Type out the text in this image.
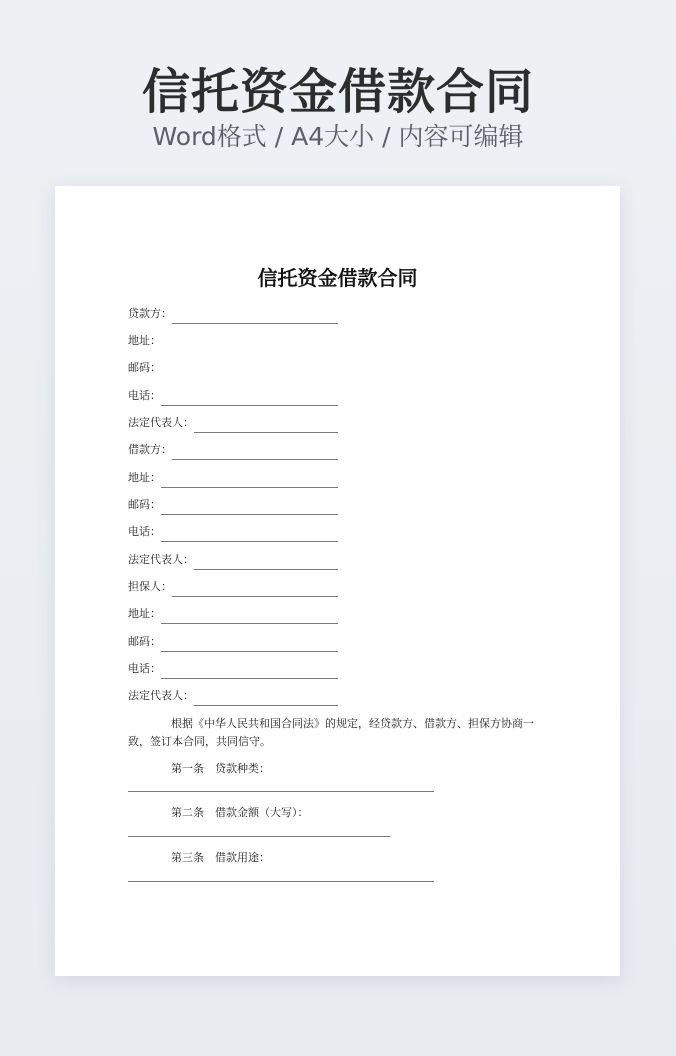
信托资金借款合同
Word格式 / A4大小 / 内容可编辑
信托资金借款合同
贷款方：
地址：
邮码：
电话：
法定代表人：
借款方：
地址：
邮码：
电话：
法定代表人：
担保人：
地址：
邮码：
电话：
法定代表人：
根据《中华人民共和国合同法》的规定，经贷款方、借款方、担保方协商一致，签订本合同，共同信守。
第一条　贷款种类：
第二条　借款金额（大写）：
第三条　借款用途：
